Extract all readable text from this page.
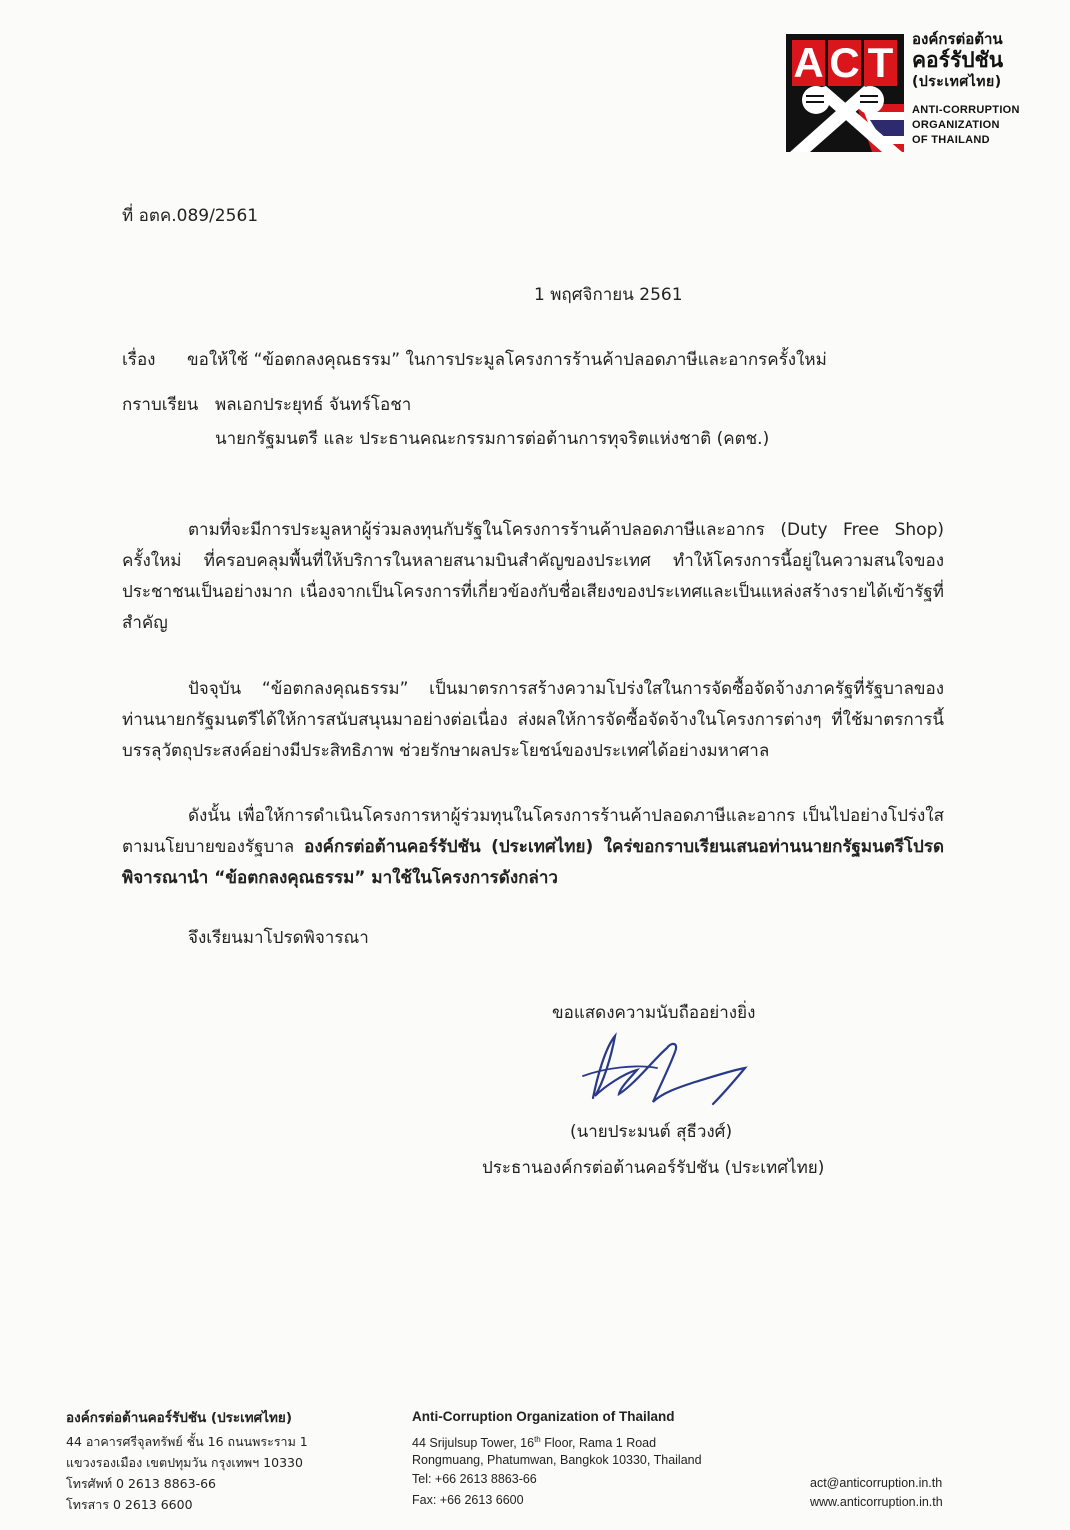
A C T องค์กรต่อต้าน
คอร์รัปชัน
(ประเทศไทย)
ANTI-CORRUPTION
ORGANIZATION
OF THAILAND
ที่ อตค.089/2561
1 พฤศจิกายน 2561
เรื่อง ขอให้ใช้ “ข้อตกลงคุณธรรม” ในการประมูลโครงการร้านค้าปลอดภาษีและอากรครั้งใหม่
กราบเรียน พลเอกประยุทธ์ จันทร์โอชา
นายกรัฐมนตรี และ ประธานคณะกรรมการต่อต้านการทุจริตแห่งชาติ (คตช.)
ตามที่จะมีการประมูลหาผู้ร่วมลงทุนกับรัฐในโครงการร้านค้าปลอดภาษีและอากร (Duty Free Shop) ครั้งใหม่ ที่ครอบคลุมพื้นที่ให้บริการในหลายสนามบินสำคัญของประเทศ ทำให้โครงการนี้อยู่ในความสนใจของประชาชนเป็นอย่างมาก เนื่องจากเป็นโครงการที่เกี่ยวข้องกับชื่อเสียงของประเทศและเป็นแหล่งสร้างรายได้เข้ารัฐที่สำคัญ
ปัจจุบัน “ข้อตกลงคุณธรรม” เป็นมาตรการสร้างความโปร่งใสในการจัดซื้อจัดจ้างภาครัฐที่รัฐบาลของท่านนายกรัฐมนตรีได้ให้การสนับสนุนมาอย่างต่อเนื่อง ส่งผลให้การจัดซื้อจัดจ้างในโครงการต่างๆ ที่ใช้มาตรการนี้บรรลุวัตถุประสงค์อย่างมีประสิทธิภาพ ช่วยรักษาผลประโยชน์ของประเทศได้อย่างมหาศาล
ดังนั้น เพื่อให้การดำเนินโครงการหาผู้ร่วมทุนในโครงการร้านค้าปลอดภาษีและอากร เป็นไปอย่างโปร่งใสตามนโยบายของรัฐบาล องค์กรต่อต้านคอร์รัปชัน (ประเทศไทย) ใคร่ขอกราบเรียนเสนอท่านนายกรัฐมนตรีโปรดพิจารณานำ “ข้อตกลงคุณธรรม” มาใช้ในโครงการดังกล่าว
จึงเรียนมาโปรดพิจารณา
ขอแสดงความนับถืออย่างยิ่ง
(นายประมนต์ สุธีวงศ์)
ประธานองค์กรต่อต้านคอร์รัปชัน (ประเทศไทย)
องค์กรต่อต้านคอร์รัปชัน (ประเทศไทย)
44 อาคารศรีจุลทรัพย์ ชั้น 16 ถนนพระราม 1
แขวงรองเมือง เขตปทุมวัน กรุงเทพฯ 10330
โทรศัพท์ 0 2613 8863-66
โทรสาร 0 2613 6600
Anti-Corruption Organization of Thailand
44 Srijulsup Tower, 16th Floor, Rama 1 Road
Rongmuang, Phatumwan, Bangkok 10330, Thailand
Tel: +66 2613 8863-66
Fax: +66 2613 6600
act@anticorruption.in.th
www.anticorruption.in.th
